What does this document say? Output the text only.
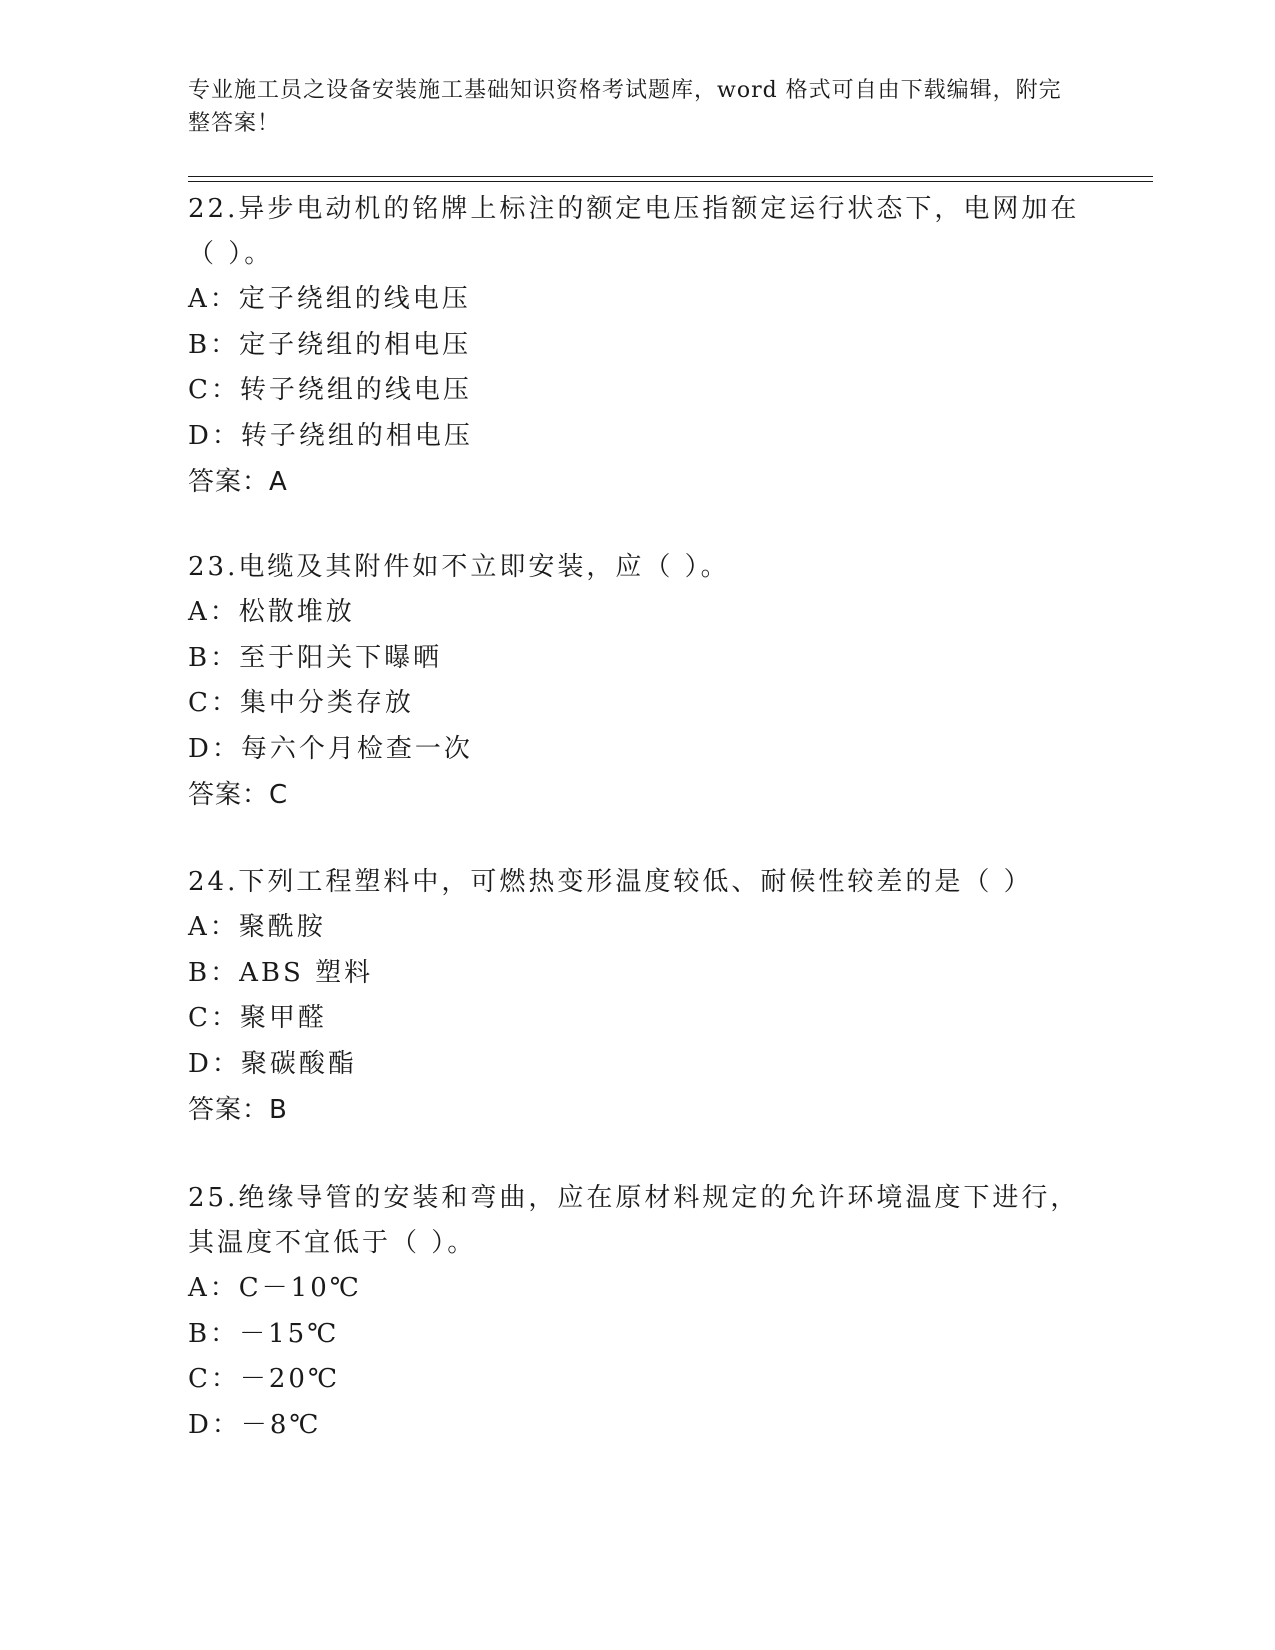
专业施工员之设备安装施工基础知识资格考试题库，word 格式可自由下载编辑，附完整答案！
22.异步电动机的铭牌上标注的额定电压指额定运行状态下，电网加在（ ）。
A：定子绕组的线电压
B：定子绕组的相电压
C：转子绕组的线电压
D：转子绕组的相电压
答案：A
23.电缆及其附件如不立即安装，应（ ）。
A：松散堆放
B：至于阳关下曝晒
C：集中分类存放
D：每六个月检查一次
答案：C
24.下列工程塑料中，可燃热变形温度较低、耐候性较差的是（ ）
A：聚酰胺
B：ABS 塑料
C：聚甲醛
D：聚碳酸酯
答案：B
25.绝缘导管的安装和弯曲，应在原材料规定的允许环境温度下进行，其温度不宜低于（ ）。
A：C－10℃
B：－15℃
C：－20℃
D：－8℃
